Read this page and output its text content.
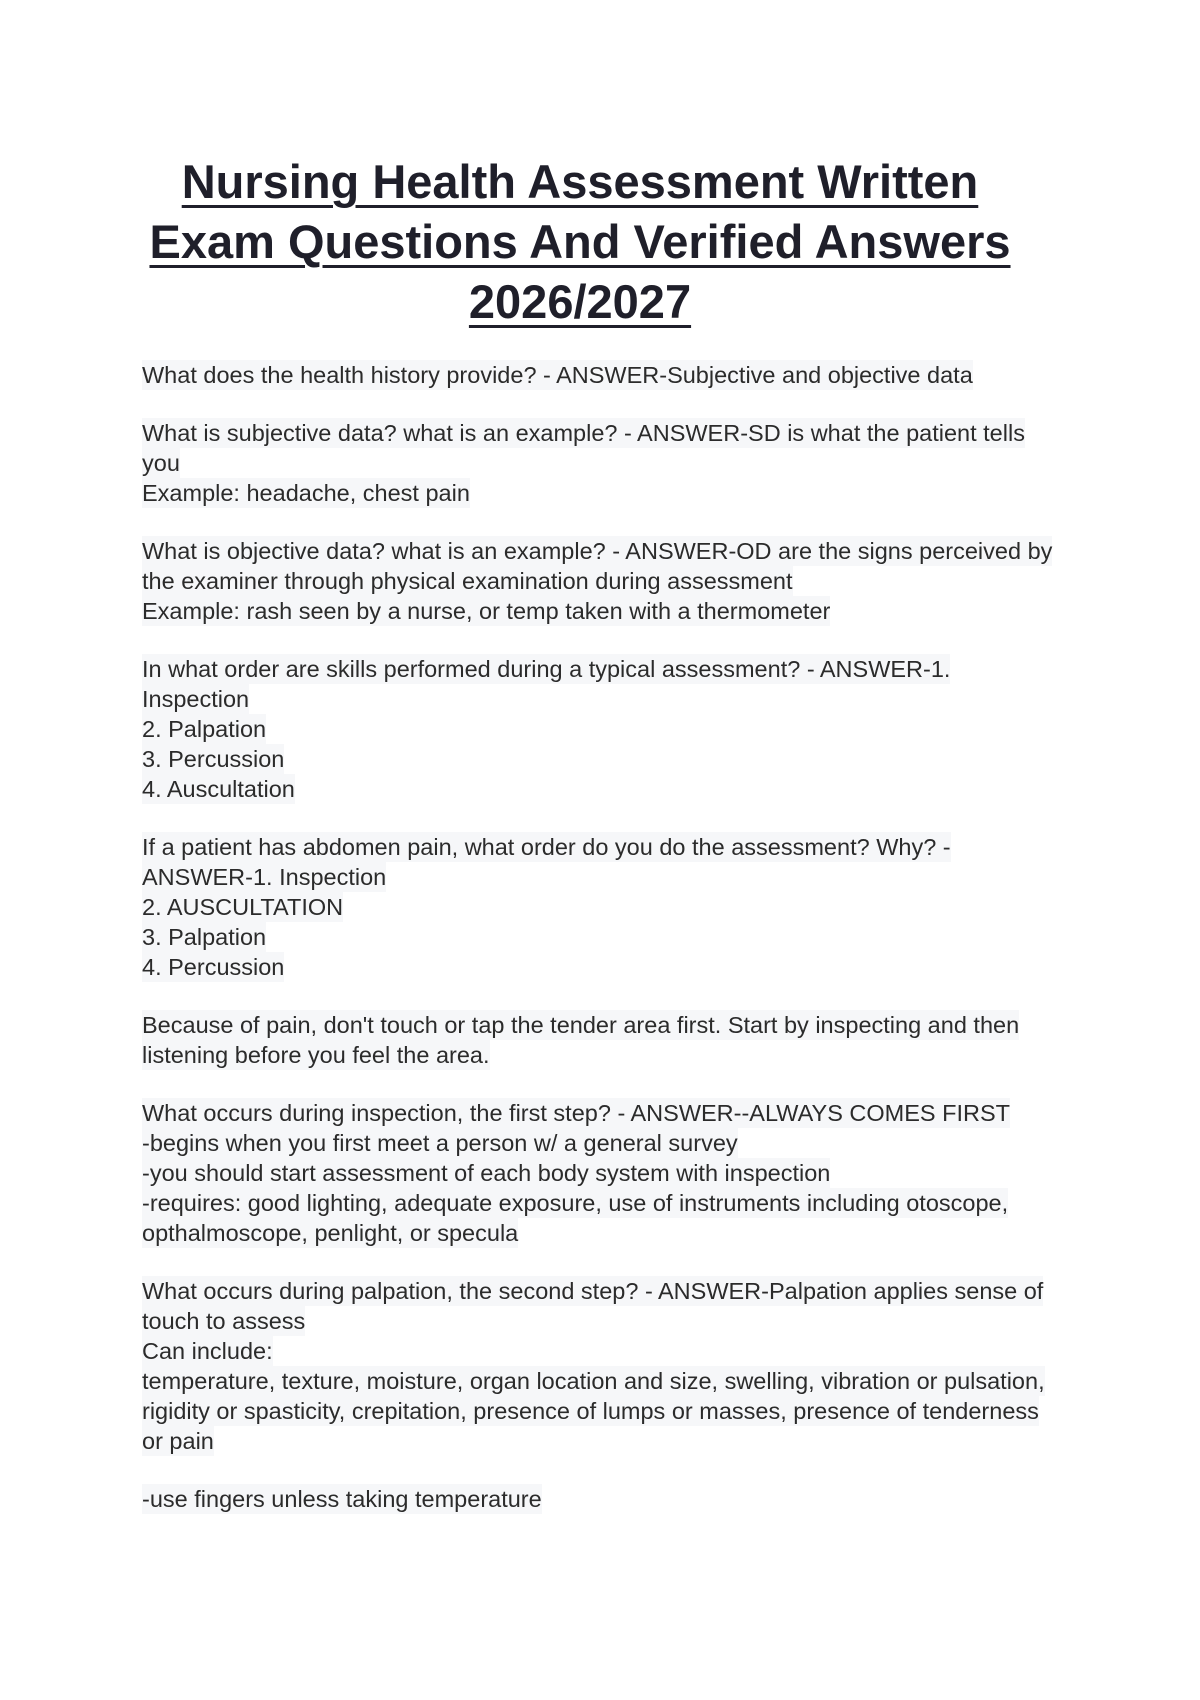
Nursing Health Assessment Written
Exam Questions And Verified Answers
2026/2027
What does the health history provide? - ANSWER-Subjective and objective data
What is subjective data? what is an example? - ANSWER-SD is what the patient tells
you
Example: headache, chest pain
What is objective data? what is an example? - ANSWER-OD are the signs perceived by
the examiner through physical examination during assessment
Example: rash seen by a nurse, or temp taken with a thermometer
In what order are skills performed during a typical assessment? - ANSWER-1.
Inspection
2. Palpation
3. Percussion
4. Auscultation
If a patient has abdomen pain, what order do you do the assessment? Why? -
ANSWER-1. Inspection
2. AUSCULTATION
3. Palpation
4. Percussion
Because of pain, don't touch or tap the tender area first. Start by inspecting and then
listening before you feel the area.
What occurs during inspection, the first step? - ANSWER--ALWAYS COMES FIRST
-begins when you first meet a person w/ a general survey
-you should start assessment of each body system with inspection
-requires: good lighting, adequate exposure, use of instruments including otoscope,
opthalmoscope, penlight, or specula
What occurs during palpation, the second step? - ANSWER-Palpation applies sense of
touch to assess
Can include:
temperature, texture, moisture, organ location and size, swelling, vibration or pulsation,
rigidity or spasticity, crepitation, presence of lumps or masses, presence of tenderness
or pain
-use fingers unless taking temperature
